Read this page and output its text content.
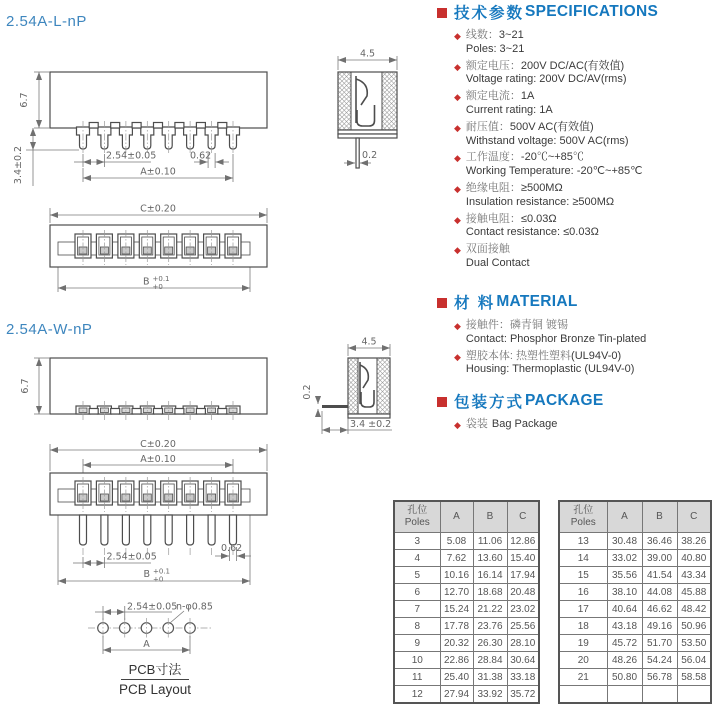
2.54A-L-nP
2.54A-W-nP
6.7
3.4±0.2	2.54±0.05	0.62
A±0.10
4.5
0.2
C±0.20
B +0.1
+0
6.7
4.5
0.2
3.4 ±0.2
C±0.20
A±0.10
2.54±0.05
0.62
B +0.1
+0
2.54±0.05
n-φ0.85
A
PCB寸法
PCB Layout
技术参数 SPECIFICATIONS
◆ 线数：3~21
Poles: 3~21
◆ 额定电压：200V DC/AC(有效值)
Voltage rating: 200V DC/AV(rms)
◆ 额定电流：1A
Current rating: 1A
◆ 耐压值：500V AC(有效值)
Withstand voltage: 500V AC(rms)
◆ 工作温度：-20℃~+85℃
Working Temperature: -20℃~+85℃
◆ 绝缘电阻：≥500MΩ
Insulation resistance: ≥500MΩ
◆ 接触电阻：≤0.03Ω
Contact resistance: ≤0.03Ω
◆ 双面接触
Dual Contact
材 料 MATERIAL
◆ 接触件：磷青铜 镀锡
Contact: Phosphor Bronze Tin-plated
◆ 塑胶本体: 热塑性塑料(UL94V-0)
Housing: Thermoplastic (UL94V-0)
包装方式 PACKAGE
◆ 袋装 Bag Package
孔位
Poles	A	B	C
3	5.08	11.06	12.86
4	7.62	13.60	15.40
5	10.16	16.14	17.94
6	12.70	18.68	20.48
7	15.24	21.22	23.02
8	17.78	23.76	25.56
9	20.32	26.30	28.10
10	22.86	28.84	30.64
11	25.40	31.38	33.18
12	27.94	33.92	35.72
孔位
Poles	A	B	C
13	30.48	36.46	38.26
14	33.02	39.00	40.80
15	35.56	41.54	43.34
16	38.10	44.08	45.88
17	40.64	46.62	48.42
18	43.18	49.16	50.96
19	45.72	51.70	53.50
20	48.26	54.24	56.04
21	50.80	56.78	58.58
